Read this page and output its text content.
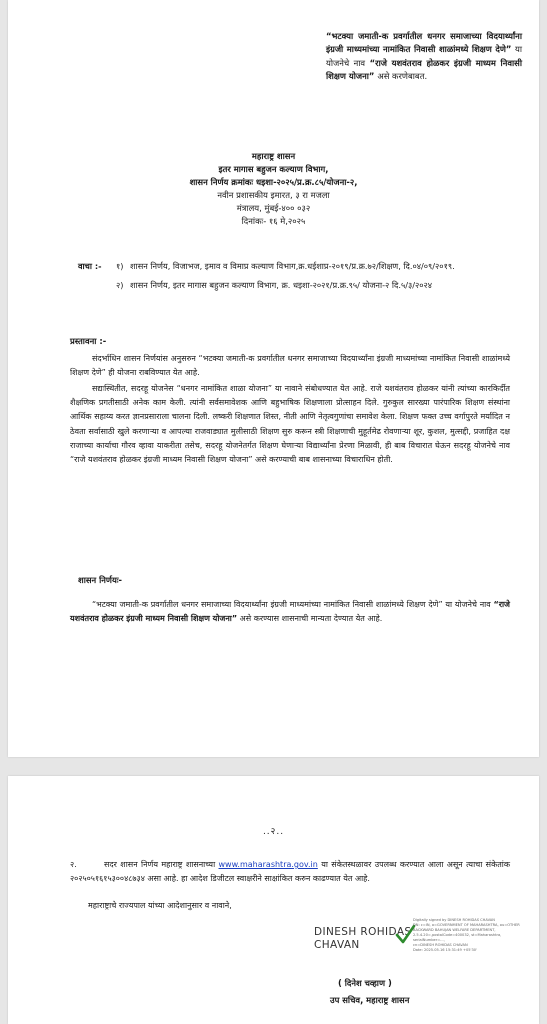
“भटक्या जमाती-क प्रवर्गातील धनगर समाजाच्या विदयार्थ्यांना इंग्रजी माध्यमांच्या नामांकित निवासी शाळांमध्ये शिक्षण देणे” या योजनेचे नाव “राजे यशवंतराव होळकर इंग्रजी माध्यम निवासी शिक्षण योजना” असे करणेबाबत.
महाराष्ट्र शासन
इतर मागास बहुजन कल्याण विभाग,
शासन निर्णय क्रमांकः धइशा-२०२५/प्र.क्र.८५/योजना-२,
नवीन प्रशासकीय इमारत, ३ रा मजला
मंत्रालय, मुंबई-४०० ०३२
दिनांकः- १६ मे,२०२५
वाचा :-	१) शासन निर्णय, विजाभज, इमाव व विमाप्र कल्याण विभाग,क्र.धईशाप्र-२०१९/प्र.क्र.७२/शिक्षण, दि.०४/०९/२०१९.
२) शासन निर्णय, इतर मागास बहुजन कल्याण विभाग, क्र. धइशा-२०२१/प्र.क्र.९५/ योजना-२ दि.५/३/२०२४
प्रस्तावना :-
संदर्भाधिन शासन निर्णयांस अनुसरुन “भटक्या जमाती-क प्रवर्गातील धनगर समाजाच्या विदयार्थ्यांना इंग्रजी माध्यमांच्या नामांकित निवासी शाळांमध्ये शिक्षण देणे” ही योजना राबविण्यात येत आहे.
सद्यःस्थितीत, सदरहू योजनेस “धनगर नामांकित शाळा योजना” या नावाने संबोधण्यात येत आहे. राजे यशवंतराव होळकर यांनी त्यांच्या कारकिर्दीत शैक्षणिक प्रगतीसाठी अनेक काम केली. त्यांनी सर्वसमावेशक आणि बहुभाषिक शिक्षणाला प्रोत्साहन दिले. गुरुकुल सारख्या पारंपारिक शिक्षण संस्थांना आर्थिक सहाय्य करत ज्ञानप्रसाराला चालना दिली. लष्करी शिक्षणात शिस्त, नीती आणि नेतृत्वगुणांचा समावेश केला. शिक्षण फक्त उच्च वर्गापुरते मर्यादित न ठेवता सर्वासाठी खुले करणाऱ्या व आपल्या राजवाड्यात मुलीसाठी शिक्षण सुरु करून स्त्री शिक्षणाची मुहूर्तमेढ रोवणाऱ्या शूर, कुशल, मुत्सद्दी, प्रजाहित दक्ष राजाच्या कार्याचा गौरव व्हावा याकरीता तसेच, सदरहू योजनेतर्गत शिक्षण घेणाऱ्या विद्यार्थ्यांना प्रेरणा मिळावी, ही बाब विचारात घेऊन सदरहू योजनेचे नाव “राजे यशवंतराव होळकर इंग्रजी माध्यम निवासी शिक्षण योजना” असे करण्याची बाब शासनाच्या विचाराधिन होती.
शासन निर्णयः-
“भटक्या जमाती-क प्रवर्गातील धनगर समाजाच्या विदयार्थ्यांना इंग्रजी माध्यमांच्या नामांकित निवासी शाळांमध्ये शिक्षण देणे” या योजनेचे नाव “राजे यशवंतराव होळकर इंग्रजी माध्यम निवासी शिक्षण योजना” असे करण्यास शासनाची मान्यता देण्यात येत आहे.
..२..
२.	सदर शासन निर्णय महाराष्ट्र शासनाच्या www.maharashtra.gov.in या संकेतस्थळावर उपलब्ध करण्यात आला असून त्याचा संकेतांक २०२५०५१६१५३००४८७३४ असा आहे. हा आदेश डिजीटल स्वाक्षरीने साक्षांकित करुन काढण्यात येत आहे.
महाराष्ट्राचे राज्यपाल यांच्या आदेशानुसार व नावाने,
DINESH ROHIDAS
CHAVAN
Digitally signed by DINESH ROHIDAS CHAVAN
DN: c=IN, o=GOVERNMENT OF MAHARASHTRA, ou=OTHER
BACKWARD BAHUJAN WELFARE DEPARTMENT,
2.5.4.20=,postalCode=400032, st=Maharashtra,
serialNumber=...,
cn=DINESH ROHIDAS CHAVAN
Date: 2025.05.16 15:31:49 +05'30'
( दिनेश चव्हाण )
उप सचिव, महाराष्ट्र शासन
